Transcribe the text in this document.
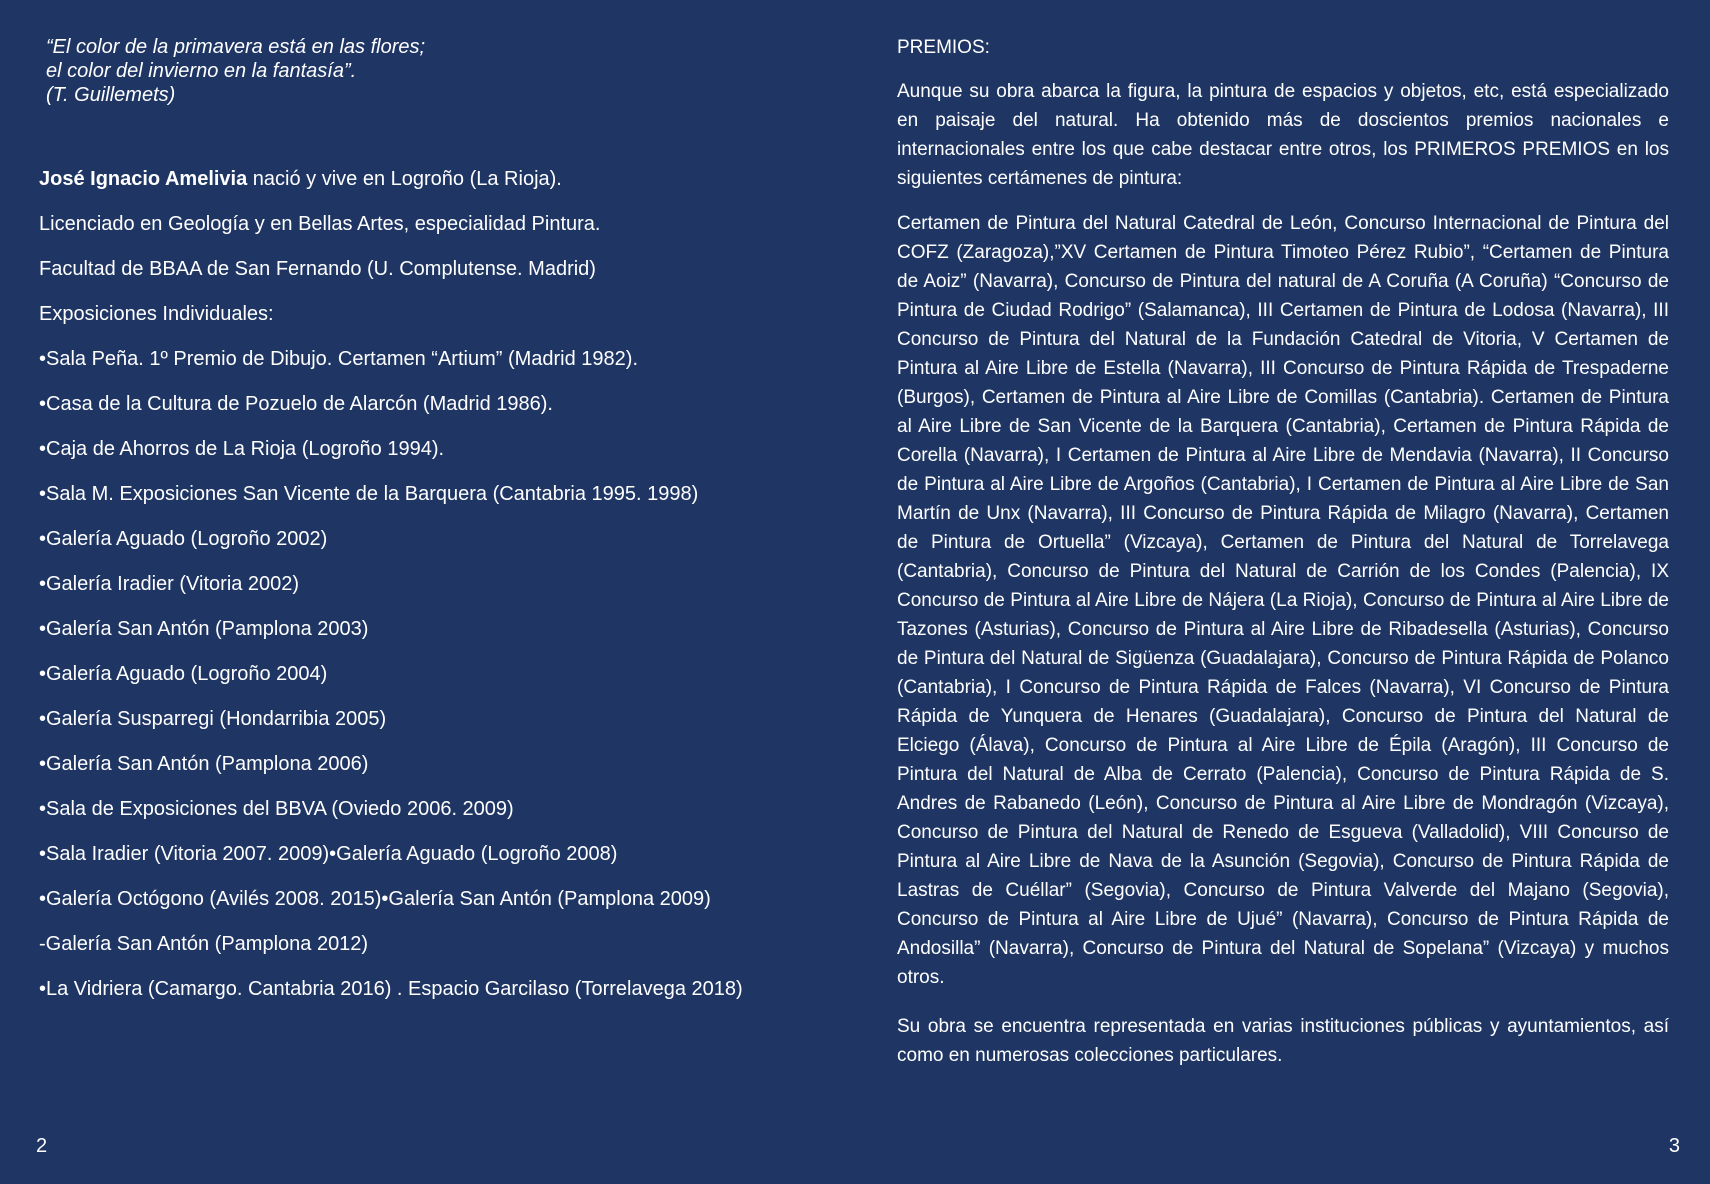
“El color de la primavera está en las flores;
el color del invierno en la fantasía”.
(T. Guillemets)
José Ignacio Amelivia nació y vive en Logroño (La Rioja).
Licenciado en Geología y en Bellas Artes, especialidad Pintura.
Facultad de BBAA de San Fernando (U. Complutense. Madrid)
Exposiciones Individuales:
•Sala Peña. 1º Premio de Dibujo. Certamen “Artium” (Madrid 1982).
•Casa de la Cultura de Pozuelo de Alarcón (Madrid 1986).
•Caja de Ahorros de La Rioja (Logroño 1994).
•Sala M. Exposiciones San Vicente de la Barquera (Cantabria 1995. 1998)
•Galería Aguado (Logroño 2002)
•Galería Iradier (Vitoria 2002)
•Galería San Antón (Pamplona 2003)
•Galería Aguado (Logroño 2004)
•Galería Susparregi (Hondarribia 2005)
•Galería San Antón (Pamplona 2006)
•Sala de Exposiciones del BBVA (Oviedo 2006. 2009)
•Sala Iradier (Vitoria 2007. 2009)•Galería Aguado (Logroño 2008)
•Galería Octógono (Avilés 2008. 2015)•Galería San Antón (Pamplona 2009)
-Galería San Antón (Pamplona 2012)
•La Vidriera (Camargo. Cantabria 2016) . Espacio Garcilaso (Torrelavega 2018)
2
PREMIOS:
Aunque su obra abarca la figura, la pintura de espacios y objetos, etc, está especializado en paisaje del natural. Ha obtenido más de doscientos premios nacionales e internacionales entre los que cabe destacar entre otros, los PRIMEROS PREMIOS en los siguientes certámenes de pintura:
Certamen de Pintura del Natural Catedral de León, Concurso Internacional de Pintura del COFZ (Zaragoza),”XV Certamen de Pintura Timoteo Pérez Rubio”, “Certamen de Pintura de Aoiz” (Navarra), Concurso de Pintura del natural de A Coruña (A Coruña) “Concurso de Pintura de Ciudad Rodrigo” (Salamanca), III Certamen de Pintura de Lodosa (Navarra), III Concurso de Pintura del Natural de la Fundación Catedral de Vitoria, V Certamen de Pintura al Aire Libre de Estella (Navarra), III Concurso de Pintura Rápida de Trespaderne (Burgos), Certamen de Pintura al Aire Libre de Comillas (Cantabria). Certamen de Pintura al Aire Libre de San Vicente de la Barquera (Cantabria), Certamen de Pintura Rápida de Corella (Navarra), I Certamen de Pintura al Aire Libre de Mendavia (Navarra), II Concurso de Pintura al Aire Libre de Argoños (Cantabria), I Certamen de Pintura al Aire Libre de San Martín de Unx (Navarra), III Concurso de Pintura Rápida de Milagro (Navarra), Certamen de Pintura de Ortuella” (Vizcaya), Certamen de Pintura del Natural de Torrelavega (Cantabria), Concurso de Pintura del Natural de Carrión de los Condes (Palencia), IX Concurso de Pintura al Aire Libre de Nájera (La Rioja), Concurso de Pintura al Aire Libre de Tazones (Asturias), Concurso de Pintura al Aire Libre de Ribadesella (Asturias), Concurso de Pintura del Natural de Sigüenza (Guadalajara), Concurso de Pintura Rápida de Polanco (Cantabria), I Concurso de Pintura Rápida de Falces (Navarra), VI Concurso de Pintura Rápida de Yunquera de Henares (Guadalajara), Concurso de Pintura del Natural de Elciego (Álava), Concurso de Pintura al Aire Libre de Épila (Aragón), III Concurso de Pintura del Natural de Alba de Cerrato (Palencia), Concurso de Pintura Rápida de S. Andres de Rabanedo (León), Concurso de Pintura al Aire Libre de Mondragón (Vizcaya), Concurso de Pintura del Natural de Renedo de Esgueva (Valladolid), VIII Concurso de Pintura al Aire Libre de Nava de la Asunción (Segovia), Concurso de Pintura Rápida de Lastras de Cuéllar” (Segovia), Concurso de Pintura Valverde del Majano (Segovia), Concurso de Pintura al Aire Libre de Ujué” (Navarra), Concurso de Pintura Rápida de Andosilla” (Navarra), Concurso de Pintura del Natural de Sopelana” (Vizcaya) y muchos otros.
Su obra se encuentra representada en varias instituciones públicas y ayuntamientos, así como en numerosas colecciones particulares.
3
